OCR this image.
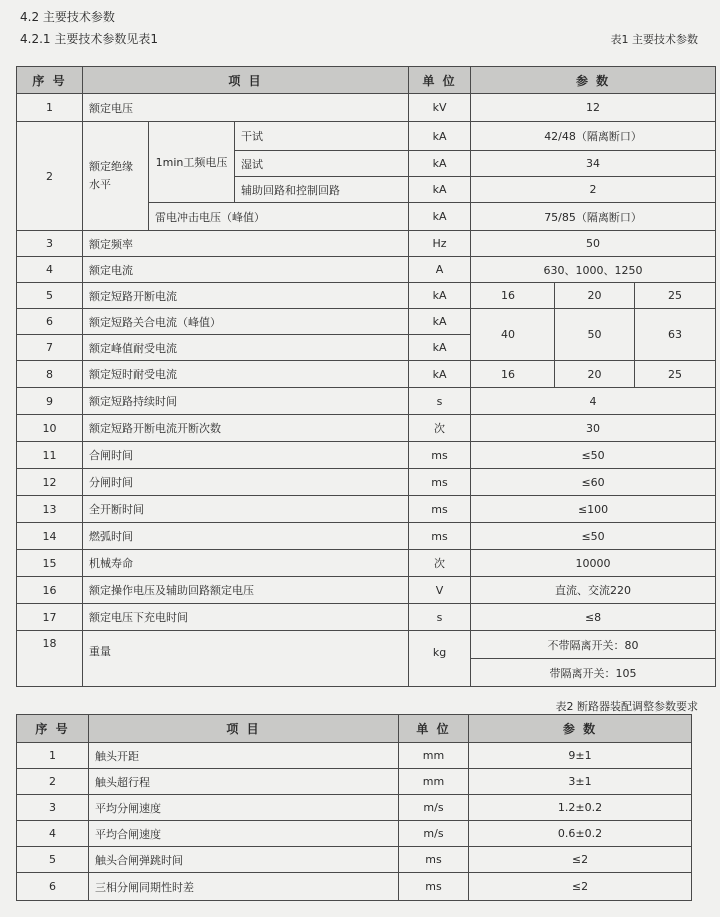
4.2 主要技术参数
4.2.1 主要技术参数见表1	表1 主要技术参数
序 号	项 目			单 位	参 数		
1	额定电压			kV	12		
2	额定绝缘水平	1min工频电压	干试	kA	42/48（隔离断口）		
			湿试	kA	34		
			辅助回路和控制回路	kA	2		
		雷电冲击电压（峰值）		kA	75/85（隔离断口）		
3	额定频率			Hz	50		
4	额定电流			A	630、1000、1250		
5	额定短路开断电流			kA	16	20	25
6	额定短路关合电流（峰值）			kA	40	50	63
7	额定峰值耐受电流			kA			
8	额定短时耐受电流			kA	16	20	25
9	额定短路持续时间			s	4		
10	额定短路开断电流开断次数			次	30		
11	合闸时间			ms	≤50		
12	分闸时间			ms	≤60		
13	全开断时间			ms	≤100		
14	燃弧时间			ms	≤50		
15	机械寿命			次	10000		
16	额定操作电压及辅助回路额定电压			V	直流、交流220		
17	额定电压下充电时间			s	≤8		
18	重量			kg	不带隔离开关：80		
					带隔离开关：105		
表2 断路器装配调整参数要求
序 号	项 目	单 位	参 数
1	触头开距	mm	9±1
2	触头超行程	mm	3±1
3	平均分闸速度	m/s	1.2±0.2
4	平均合闸速度	m/s	0.6±0.2
5	触头合闸弹跳时间	ms	≤2
6	三相分闸同期性时差	ms	≤2
